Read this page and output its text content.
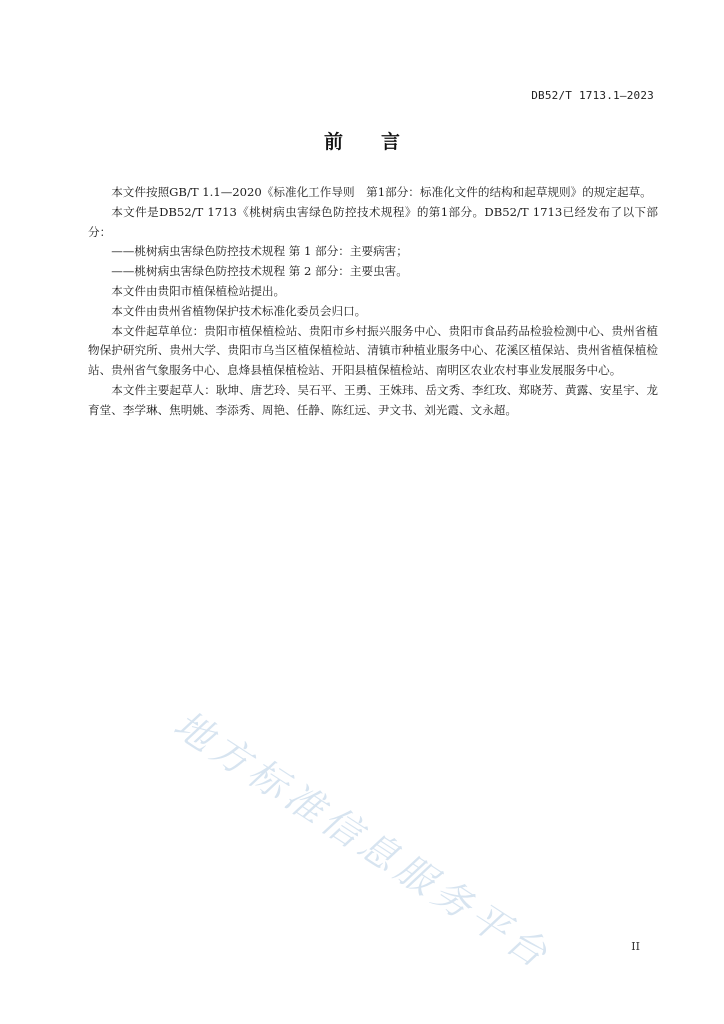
DB52/T 1713.1—2023
前言

本文件按照GB/T 1.1—2020《标准化工作导则　第1部分：标准化文件的结构和起草规则》的规定起草。

本文件是DB52/T 1713《桃树病虫害绿色防控技术规程》的第1部分。DB52/T 1713已经发布了以下部分：

——桃树病虫害绿色防控技术规程 第 1 部分：主要病害；

——桃树病虫害绿色防控技术规程 第 2 部分：主要虫害。

本文件由贵阳市植保植检站提出。

本文件由贵州省植物保护技术标准化委员会归口。

本文件起草单位：贵阳市植保植检站、贵阳市乡村振兴服务中心、贵阳市食品药品检验检测中心、贵州省植物保护研究所、贵州大学、贵阳市乌当区植保植检站、清镇市种植业服务中心、花溪区植保站、贵州省植保植检站、贵州省气象服务中心、息烽县植保植检站、开阳县植保植检站、南明区农业农村事业发展服务中心。

本文件主要起草人：耿坤、唐艺玲、吴石平、王勇、王姝玮、岳文秀、李红玫、郑晓芳、黄露、安星宇、龙育堂、李学琳、焦明姚、李添秀、周艳、任静、陈红远、尹文书、刘光霞、文永超。

地方标准信息服务平台	II
